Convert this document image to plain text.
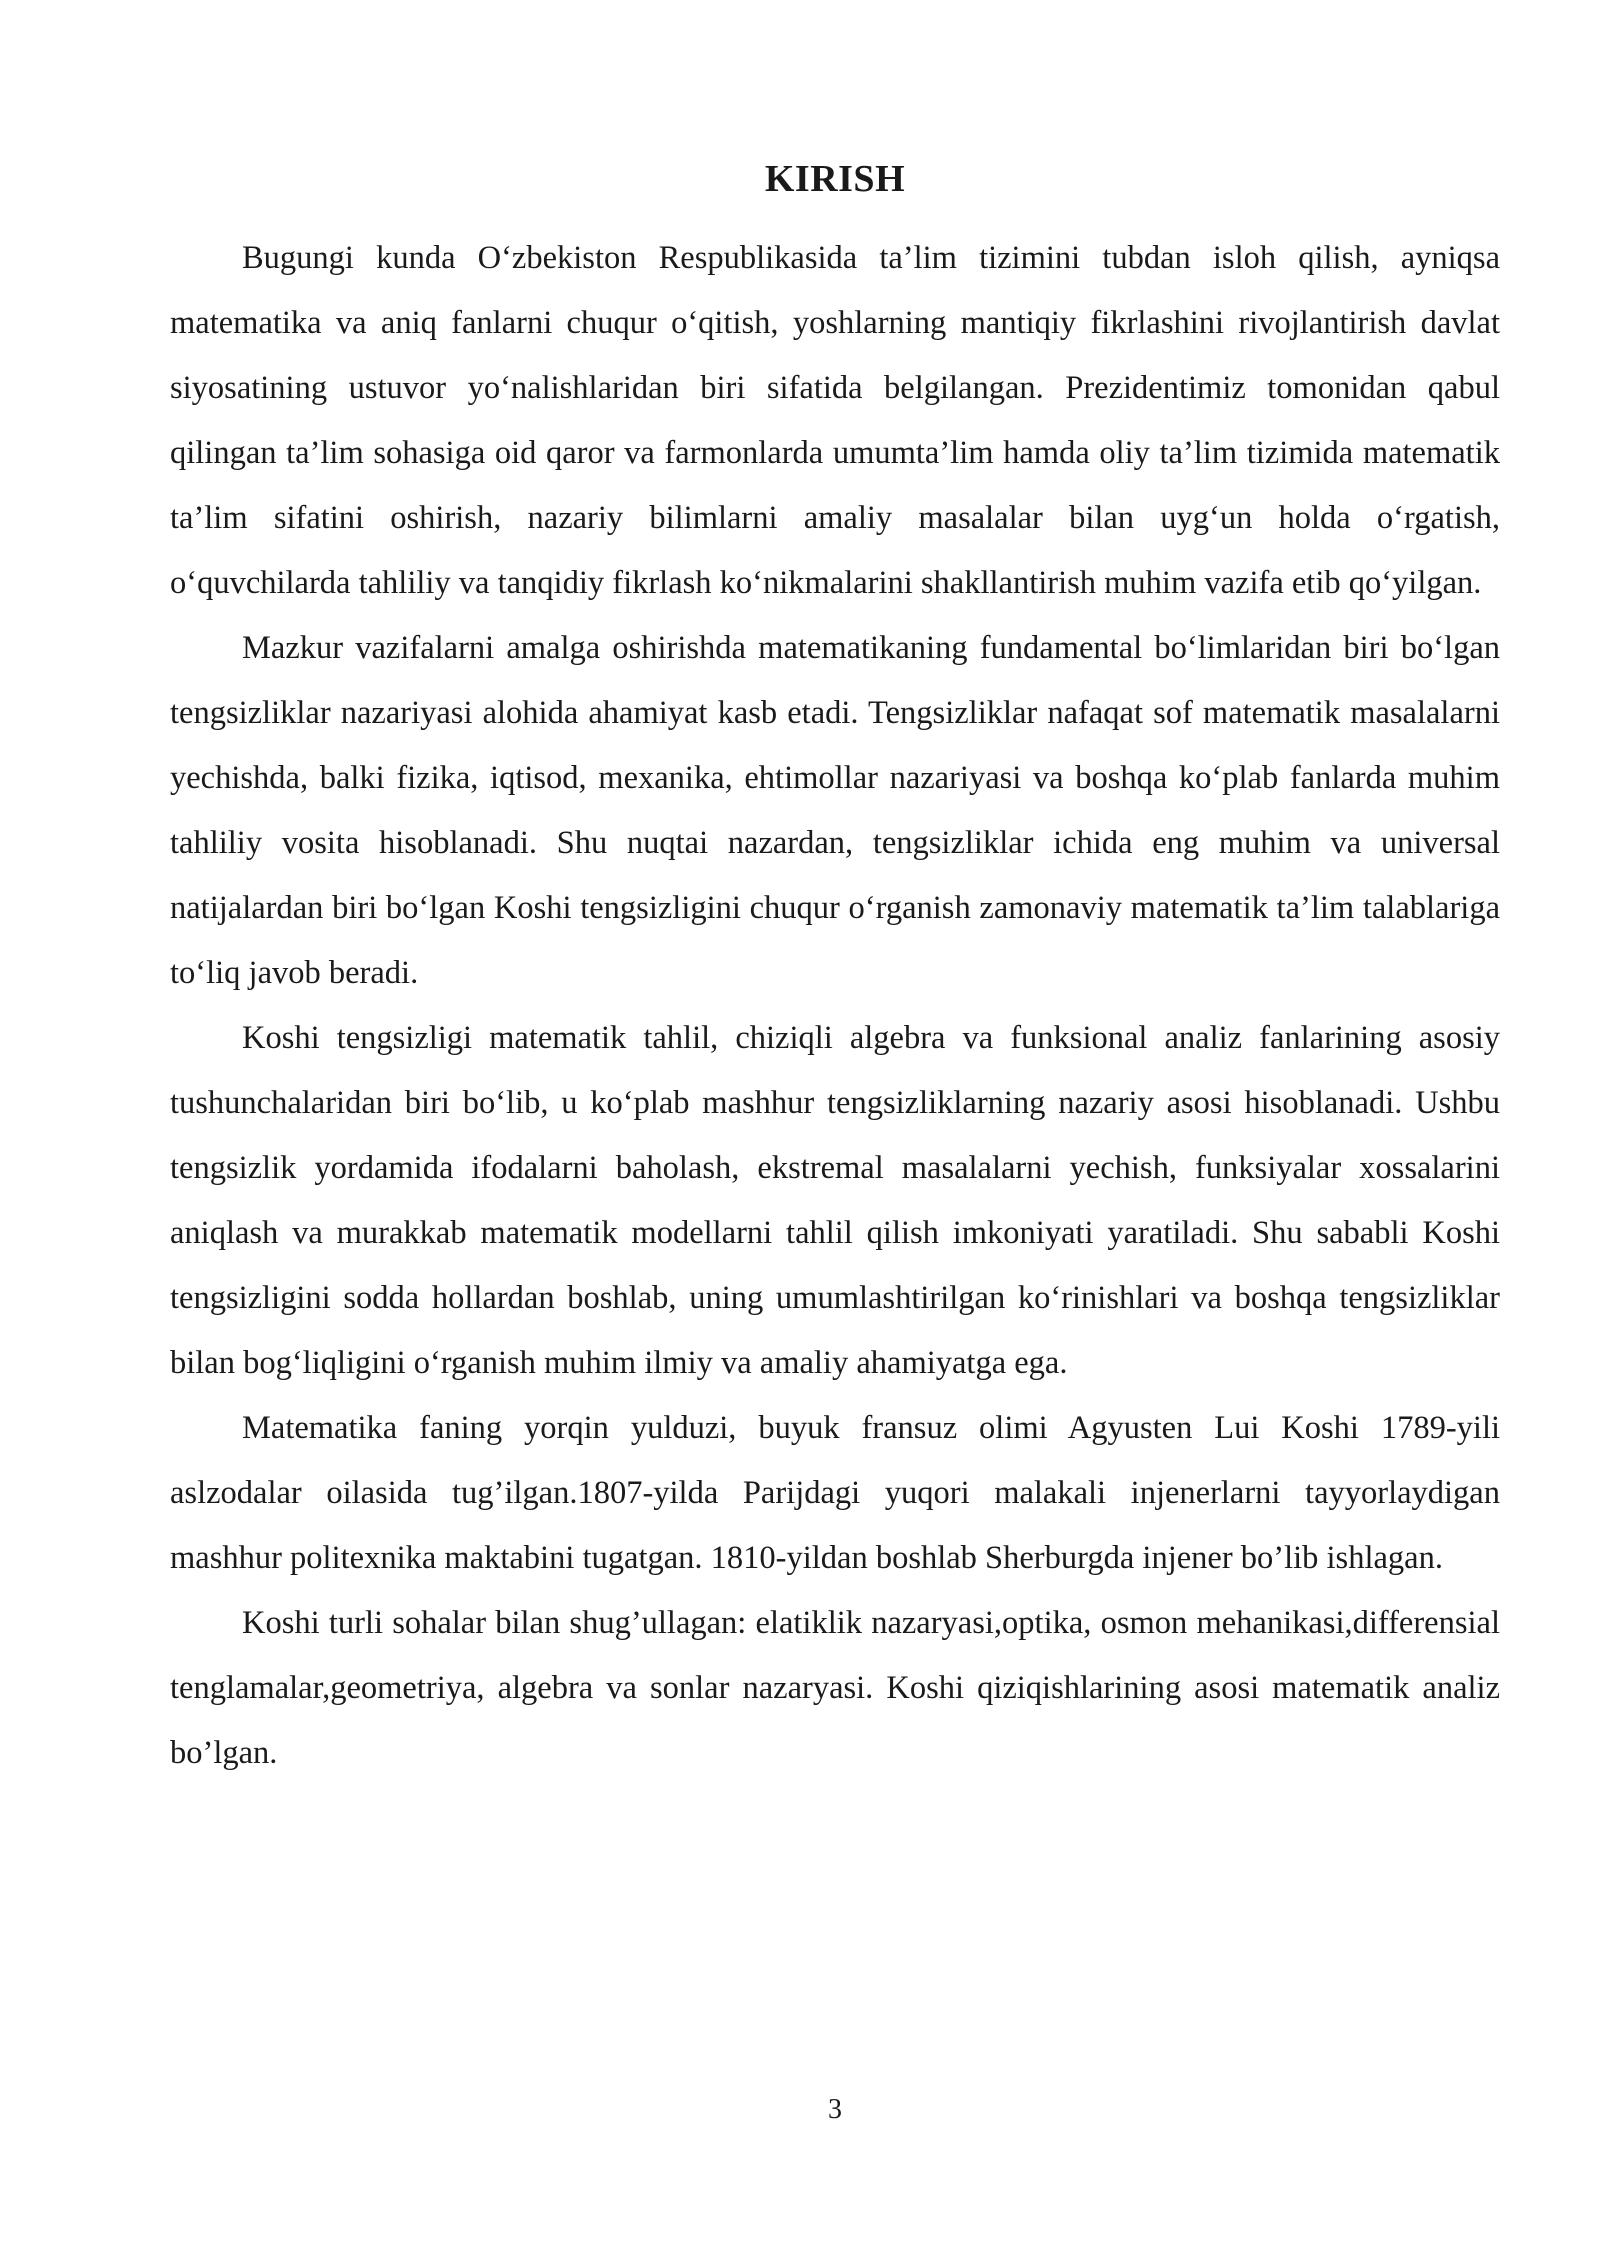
KIRISH

Bugungi kunda O‘zbekiston Respublikasida ta’lim tizimini tubdan isloh qilish, ayniqsa matematika va aniq fanlarni chuqur o‘qitish, yoshlarning mantiqiy fikrlashini rivojlantirish davlat siyosatining ustuvor yo‘nalishlaridan biri sifatida belgilangan. Prezidentimiz tomonidan qabul qilingan ta’lim sohasiga oid qaror va farmonlarda umumta’lim hamda oliy ta’lim tizimida matematik ta’lim sifatini oshirish, nazariy bilimlarni amaliy masalalar bilan uyg‘un holda o‘rgatish, o‘quvchilarda tahliliy va tanqidiy fikrlash ko‘nikmalarini shakllantirish muhim vazifa etib qo‘yilgan.

Mazkur vazifalarni amalga oshirishda matematikaning fundamental bo‘limlaridan biri bo‘lgan tengsizliklar nazariyasi alohida ahamiyat kasb etadi. Tengsizliklar nafaqat sof matematik masalalarni yechishda, balki fizika, iqtisod, mexanika, ehtimollar nazariyasi va boshqa ko‘plab fanlarda muhim tahliliy vosita hisoblanadi. Shu nuqtai nazardan, tengsizliklar ichida eng muhim va universal natijalardan biri bo‘lgan Koshi tengsizligini chuqur o‘rganish zamonaviy matematik ta’lim talablariga to‘liq javob beradi.

Koshi tengsizligi matematik tahlil, chiziqli algebra va funksional analiz fanlarining asosiy tushunchalaridan biri bo‘lib, u ko‘plab mashhur tengsizliklarning nazariy asosi hisoblanadi. Ushbu tengsizlik yordamida ifodalarni baholash, ekstremal masalalarni yechish, funksiyalar xossalarini aniqlash va murakkab matematik modellarni tahlil qilish imkoniyati yaratiladi. Shu sababli Koshi tengsizligini sodda hollardan boshlab, uning umumlashtirilgan ko‘rinishlari va boshqa tengsizliklar bilan bog‘liqligini o‘rganish muhim ilmiy va amaliy ahamiyatga ega.

Matematika faning yorqin yulduzi, buyuk fransuz olimi Agyusten Lui Koshi 1789-yili aslzodalar oilasida tug’ilgan.1807-yilda Parijdagi yuqori malakali injenerlarni tayyorlaydigan mashhur politexnika maktabini tugatgan. 1810-yildan boshlab Sherburgda injener bo’lib ishlagan.

Koshi turli sohalar bilan shug’ullagan: elatiklik nazaryasi,optika, osmon mehanikasi,differensial tenglamalar,geometriya, algebra va sonlar nazaryasi. Koshi qiziqishlarining asosi matematik analiz bo’lgan.

3
